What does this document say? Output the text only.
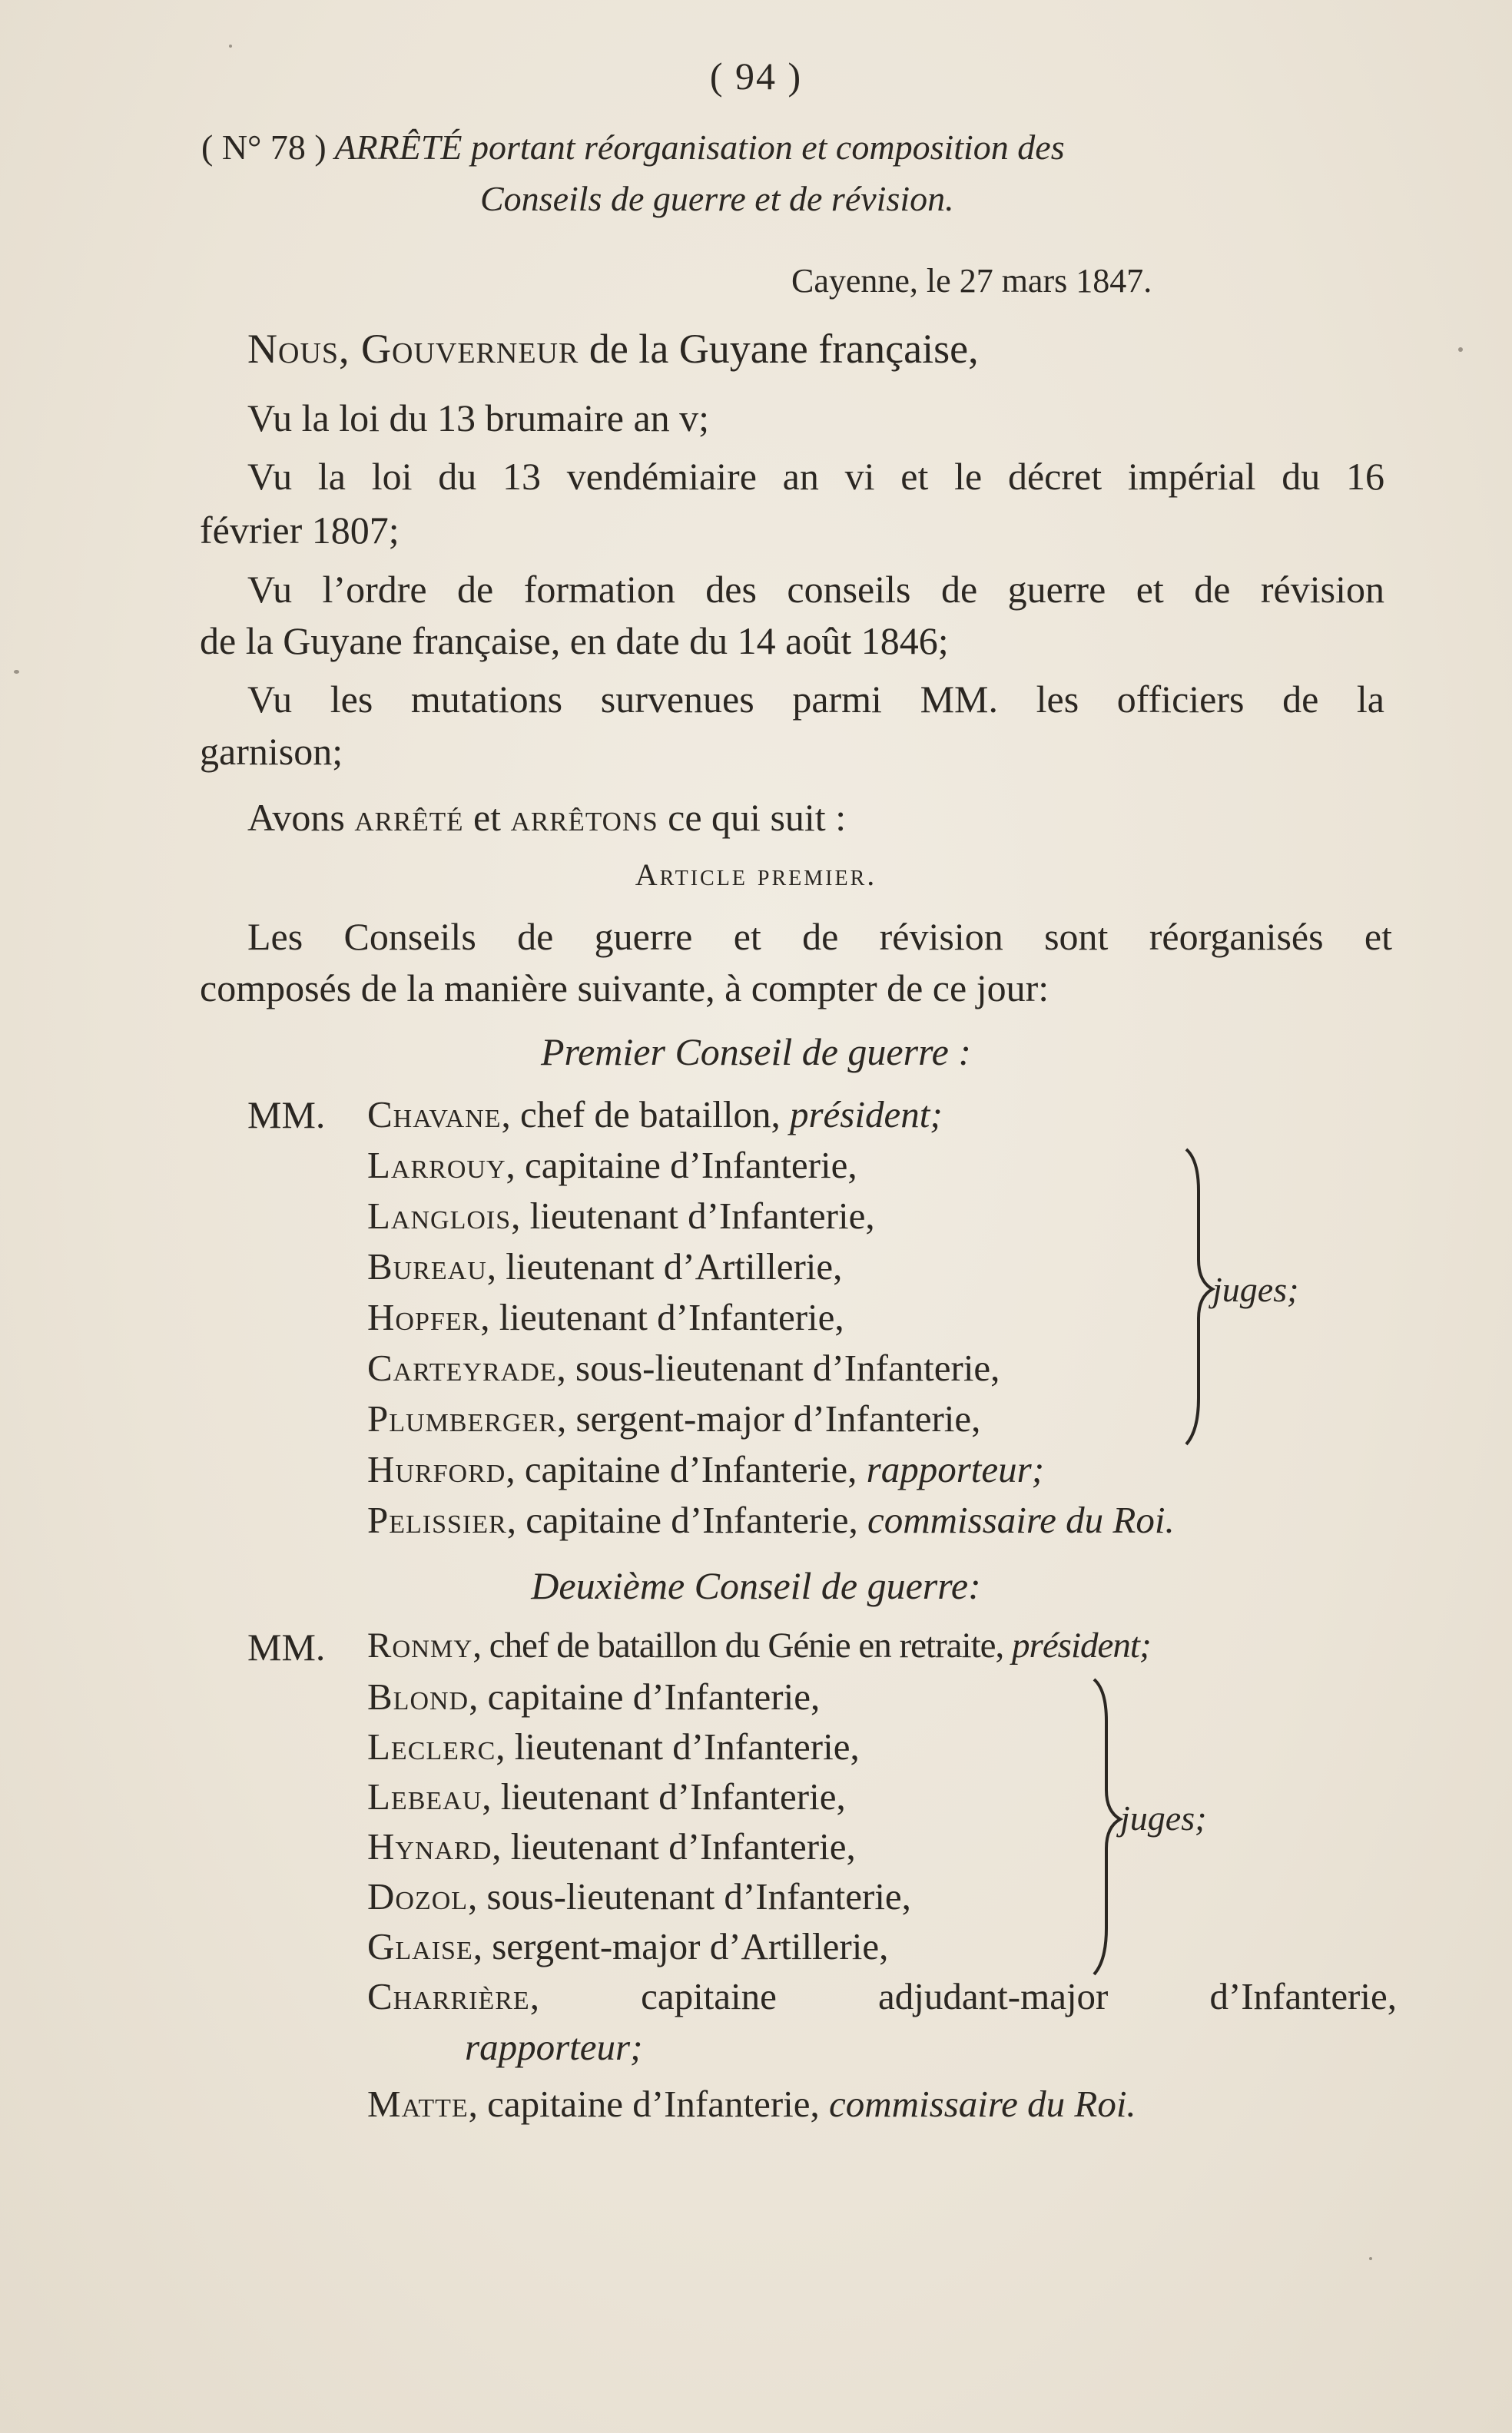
( 94 )
( N° 78 ) ARRÊTÉ portant réorganisation et composition des
Conseils de guerre et de révision.
Cayenne, le 27 mars 1847.
Nous, Gouverneur de la Guyane française,
Vu la loi du 13 brumaire an v;
Vu la loi du 13 vendémiaire an vi et le décret impérial du 16
février 1807;
Vu l’ordre de formation des conseils de guerre et de révision
de la Guyane française, en date du 14 août 1846;
Vu les mutations survenues parmi MM. les officiers de la
garnison;
Avons arrêté et arrêtons ce qui suit :
Article premier.
Les Conseils de guerre et de révision sont réorganisés et
composés de la manière suivante, à compter de ce jour:
Premier Conseil de guerre :
MM. Chavane, chef de bataillon, président;
Larrouy, capitaine d’Infanterie,
Langlois, lieutenant d’Infanterie,
Bureau, lieutenant d’Artillerie,
Hopfer, lieutenant d’Infanterie,
Carteyrade, sous-lieutenant d’Infanterie,
Plumberger, sergent-major d’Infanterie,
juges;
Hurford, capitaine d’Infanterie, rapporteur;
Pelissier, capitaine d’Infanterie, commissaire du Roi.
Deuxième Conseil de guerre:
MM. Ronmy, chef de bataillon du Génie en retraite, président;
Blond, capitaine d’Infanterie,
Leclerc, lieutenant d’Infanterie,
Lebeau, lieutenant d’Infanterie,
Hynard, lieutenant d’Infanterie,
Dozol, sous-lieutenant d’Infanterie,
Glaise, sergent-major d’Artillerie,
juges;
Charrière, capitaine adjudant-major d’Infanterie,
rapporteur;
Matte, capitaine d’Infanterie, commissaire du Roi.
